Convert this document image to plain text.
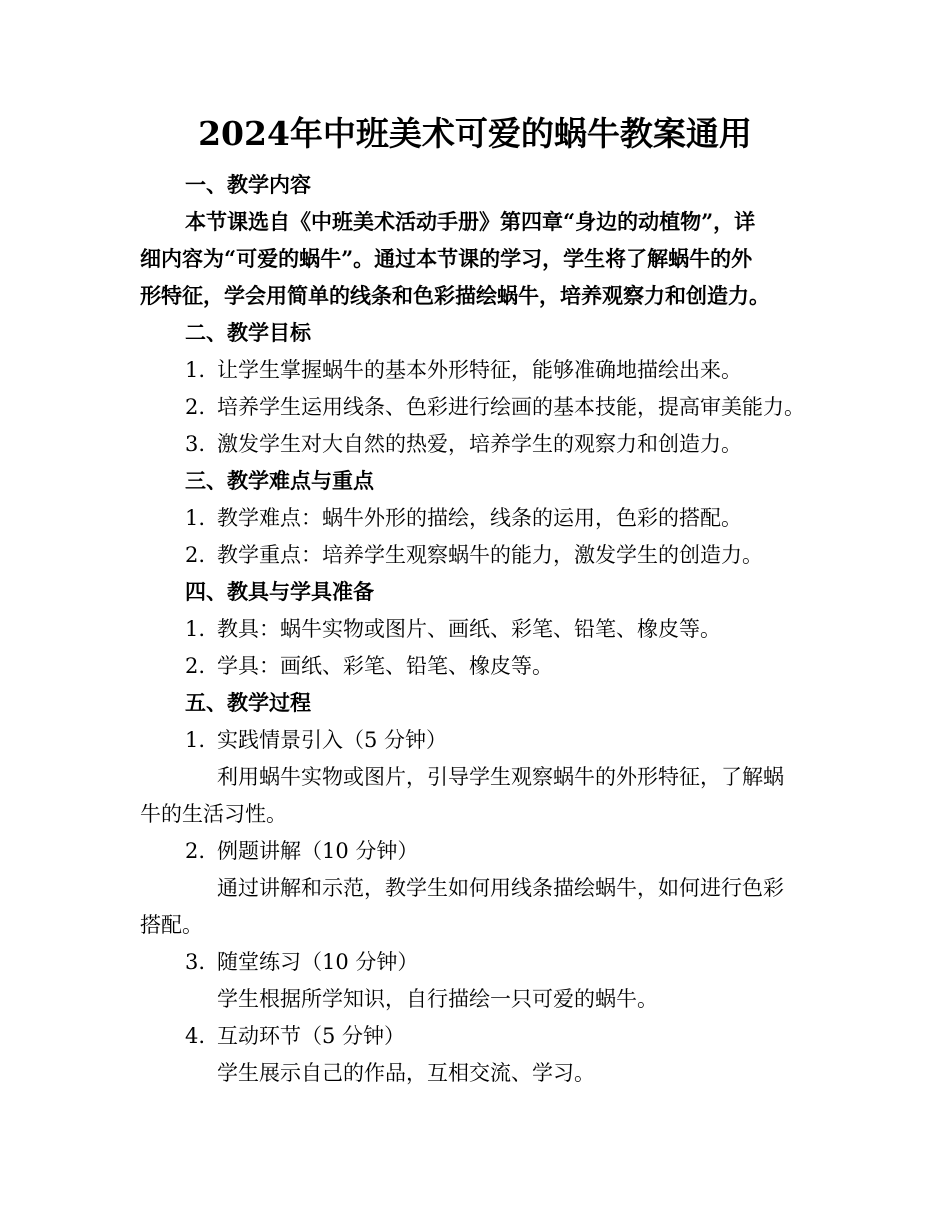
2024年中班美术可爱的蜗牛教案通用
一、教学内容
本节课选自《中班美术活动手册》第四章“身边的动植物”，详
细内容为“可爱的蜗牛”。通过本节课的学习，学生将了解蜗牛的外
形特征，学会用简单的线条和色彩描绘蜗牛，培养观察力和创造力。
二、教学目标
1. 让学生掌握蜗牛的基本外形特征，能够准确地描绘出来。
2. 培养学生运用线条、色彩进行绘画的基本技能，提高审美能力。
3. 激发学生对大自然的热爱，培养学生的观察力和创造力。
三、教学难点与重点
1. 教学难点：蜗牛外形的描绘，线条的运用，色彩的搭配。
2. 教学重点：培养学生观察蜗牛的能力，激发学生的创造力。
四、教具与学具准备
1. 教具：蜗牛实物或图片、画纸、彩笔、铅笔、橡皮等。
2. 学具：画纸、彩笔、铅笔、橡皮等。
五、教学过程
1. 实践情景引入（5 分钟）
利用蜗牛实物或图片，引导学生观察蜗牛的外形特征，了解蜗
牛的生活习性。
2. 例题讲解（10 分钟）
通过讲解和示范，教学生如何用线条描绘蜗牛，如何进行色彩
搭配。
3. 随堂练习（10 分钟）
学生根据所学知识，自行描绘一只可爱的蜗牛。
4. 互动环节（5 分钟）
学生展示自己的作品，互相交流、学习。
